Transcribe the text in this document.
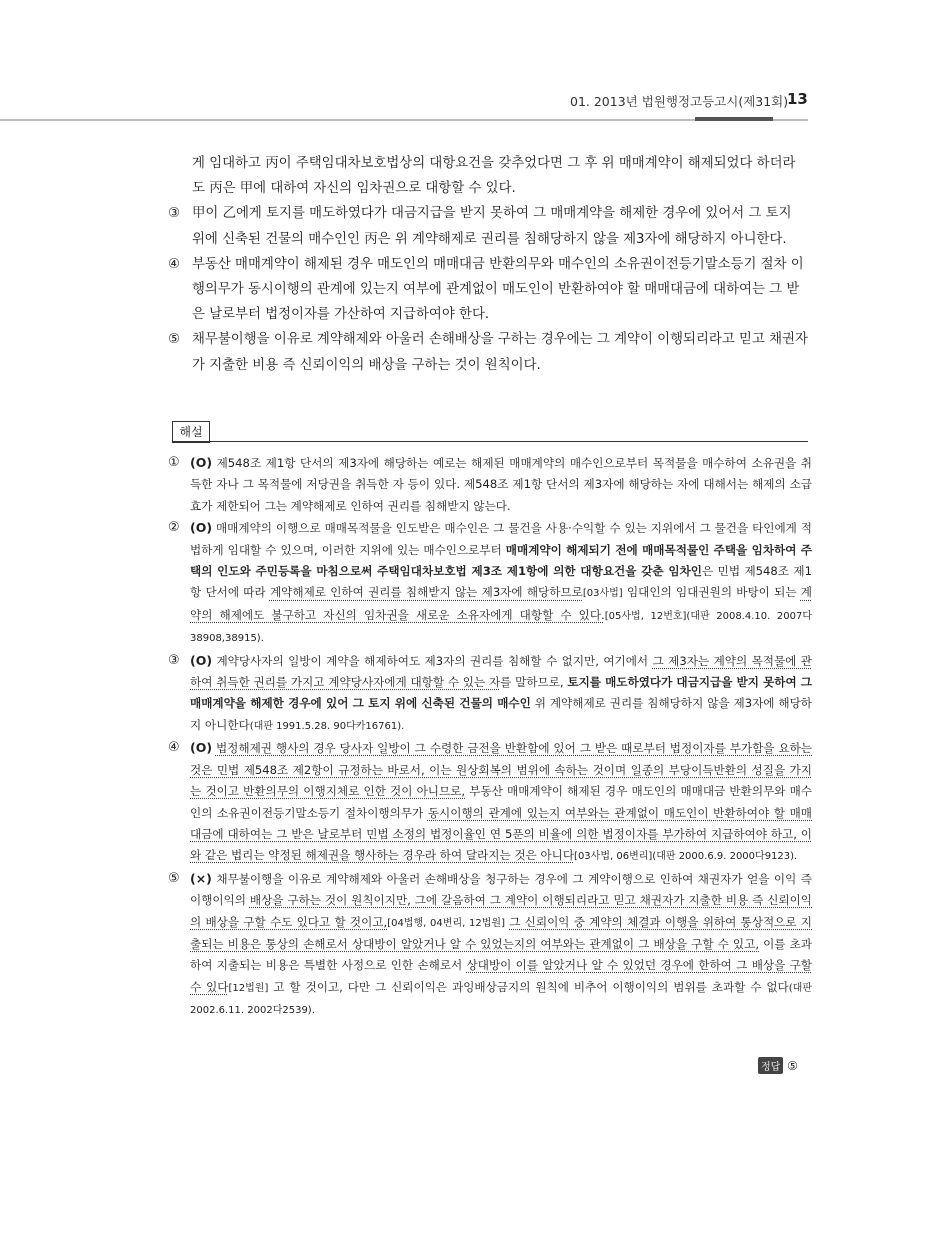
01. 2013년 법원행정고등고시(제31회)
13
게 임대하고 丙이 주택임대차보호법상의 대항요건을 갖추었다면 그 후 위 매매계약이 해제되었다 하더라도 丙은 甲에 대하여 자신의 임차권으로 대항할 수 있다.
③ 甲이 乙에게 토지를 매도하였다가 대금지급을 받지 못하여 그 매매계약을 해제한 경우에 있어서 그 토지 위에 신축된 건물의 매수인인 丙은 위 계약해제로 권리를 침해당하지 않을 제3자에 해당하지 아니한다.
④ 부동산 매매계약이 해제된 경우 매도인의 매매대금 반환의무와 매수인의 소유권이전등기말소등기 절차 이행의무가 동시이행의 관계에 있는지 여부에 관계없이 매도인이 반환하여야 할 매매대금에 대하여는 그 받은 날로부터 법정이자를 가산하여 지급하여야 한다.
⑤ 채무불이행을 이유로 계약해제와 아울러 손해배상을 구하는 경우에는 그 계약이 이행되리라고 믿고 채권자가 지출한 비용 즉 신뢰이익의 배상을 구하는 것이 원칙이다.
해설
① (O) 제548조 제1항 단서의 제3자에 해당하는 예로는 해제된 매매계약의 매수인으로부터 목적물을 매수하여 소유권을 취득한 자나 그 목적물에 저당권을 취득한 자 등이 있다. 제548조 제1항 단서의 제3자에 해당하는 자에 대해서는 해제의 소급효가 제한되어 그는 계약해제로 인하여 권리를 침해받지 않는다.
② (O) 매매계약의 이행으로 매매목적물을 인도받은 매수인은 그 물건을 사용·수익할 수 있는 지위에서 그 물건을 타인에게 적법하게 임대할 수 있으며, 이러한 지위에 있는 매수인으로부터 매매계약이 해제되기 전에 매매목적물인 주택을 임차하여 주택의 인도와 주민등록을 마침으로써 주택임대차보호법 제3조 제1항에 의한 대항요건을 갖춘 임차인은 민법 제548조 제1항 단서에 따라 계약해제로 인하여 권리를 침해받지 않는 제3자에 해당하므로[03사법] 임대인의 임대권원의 바탕이 되는 계약의 해제에도 불구하고 자신의 임차권을 새로운 소유자에게 대항할 수 있다.[05사법, 12번호](대판 2008.4.10. 2007다38908,38915).
③ (O) 계약당사자의 일방이 계약을 해제하여도 제3자의 권리를 침해할 수 없지만, 여기에서 그 제3자는 계약의 목적물에 관하여 취득한 권리를 가지고 계약당사자에게 대항할 수 있는 자를 말하므로, 토지를 매도하였다가 대금지급을 받지 못하여 그 매매계약을 해제한 경우에 있어 그 토지 위에 신축된 건물의 매수인 위 계약해제로 권리를 침해당하지 않을 제3자에 해당하지 아니한다(대판 1991.5.28. 90다카16761).
④ (O) 법정해제권 행사의 경우 당사자 일방이 그 수령한 금전을 반환함에 있어 그 받은 때로부터 법정이자를 부가함을 요하는 것은 민법 제548조 제2항이 규정하는 바로서, 이는 원상회복의 범위에 속하는 것이며 일종의 부당이득반환의 성질을 가지는 것이고 반환의무의 이행지체로 인한 것이 아니므로, 부동산 매매계약이 해제된 경우 매도인의 매매대금 반환의무와 매수인의 소유권이전등기말소등기 절차이행의무가 동시이행의 관계에 있는지 여부와는 관계없이 매도인이 반환하여야 할 매매대금에 대하여는 그 받은 날로부터 민법 소정의 법정이율인 연 5푼의 비율에 의한 법정이자를 부가하여 지급하여야 하고, 이와 같은 법리는 약정된 해제권을 행사하는 경우라 하여 달라지는 것은 아니다[03사법, 06변리](대판 2000.6.9. 2000다9123).
⑤ (×) 채무불이행을 이유로 계약해제와 아울러 손해배상을 청구하는 경우에 그 계약이행으로 인하여 채권자가 얻을 이익 즉 이행이익의 배상을 구하는 것이 원칙이지만, 그에 갈음하여 그 계약이 이행되리라고 믿고 채권자가 지출한 비용 즉 신뢰이익의 배상을 구할 수도 있다고 할 것이고,[04법행, 04변리, 12법원] 그 신뢰이익 중 계약의 체결과 이행을 위하여 통상적으로 지출되는 비용은 통상의 손해로서 상대방이 알았거나 알 수 있었는지의 여부와는 관계없이 그 배상을 구할 수 있고, 이를 초과하여 지출되는 비용은 특별한 사정으로 인한 손해로서 상대방이 이를 알았거나 알 수 있었던 경우에 한하여 그 배상을 구할 수 있다[12법원] 고 할 것이고, 다만 그 신뢰이익은 과잉배상금지의 원칙에 비추어 이행이익의 범위를 초과할 수 없다(대판 2002.6.11. 2002다2539).
정답 ⑤
